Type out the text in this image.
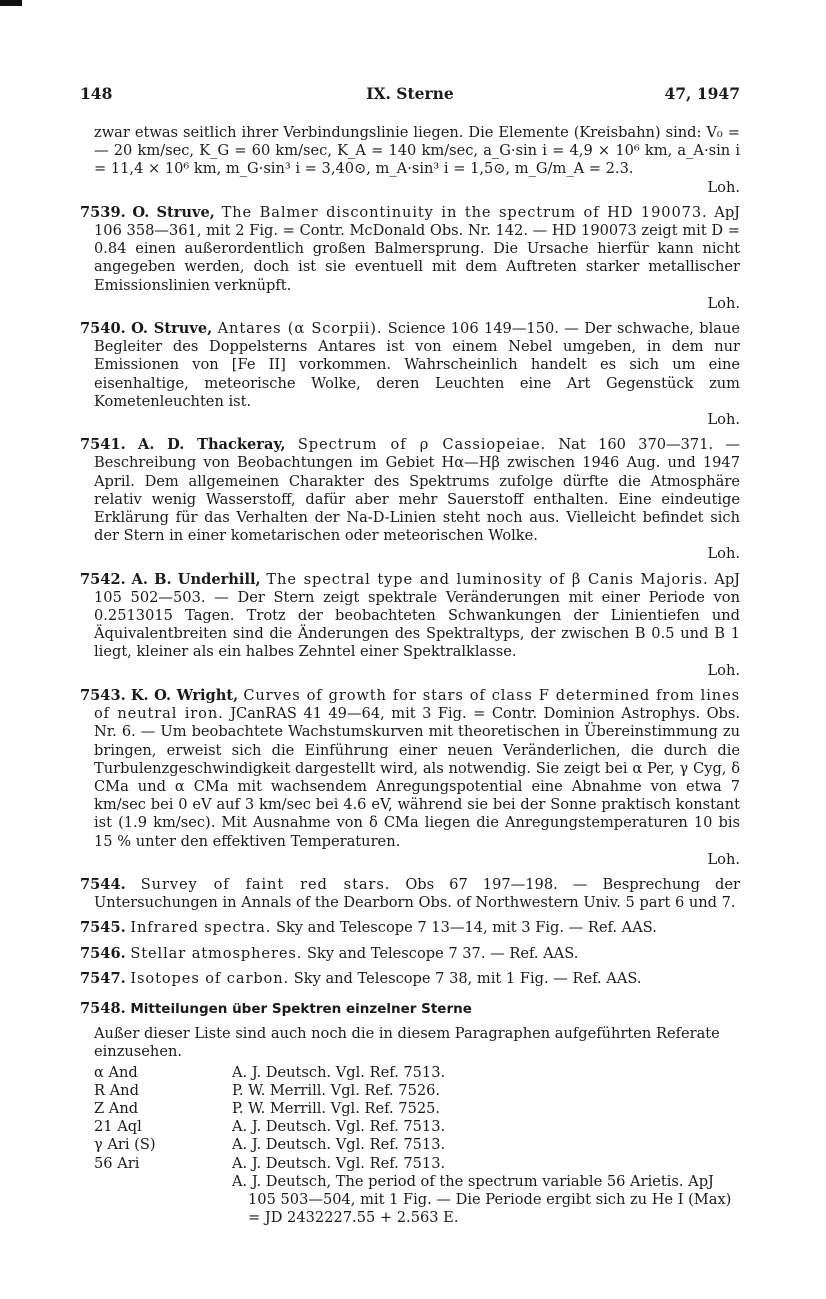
148	IX. Sterne	47, 1947
zwar etwas seitlich ihrer Verbindungslinie liegen. Die Elemente (Kreisbahn) sind: V₀ = — 20 km/sec, K_G = 60 km/sec, K_A = 140 km/sec, a_G·sin i = 4,9 × 10⁶ km, a_A·sin i = 11,4 × 10⁶ km, m_G·sin³ i = 3,40⊙, m_A·sin³ i = 1,5⊙, m_G/m_A = 2.3.
Loh.
7539. O. Struve, The Balmer discontinuity in the spectrum of HD 190073. ApJ 106 358—361, mit 2 Fig. = Contr. McDonald Obs. Nr. 142. — HD 190073 zeigt mit D = 0.84 einen außerordentlich großen Balmersprung. Die Ursache hierfür kann nicht angegeben werden, doch ist sie eventuell mit dem Auftreten starker metallischer Emissionslinien verknüpft.
Loh.
7540. O. Struve, Antares (α Scorpii). Science 106 149—150. — Der schwache, blaue Begleiter des Doppelsterns Antares ist von einem Nebel umgeben, in dem nur Emissionen von [Fe II] vorkommen. Wahrscheinlich handelt es sich um eine eisenhaltige, meteorische Wolke, deren Leuchten eine Art Gegenstück zum Kometenleuchten ist.
Loh.
7541. A. D. Thackeray, Spectrum of ρ Cassiopeiae. Nat 160 370—371. — Beschreibung von Beobachtungen im Gebiet Hα—Hβ zwischen 1946 Aug. und 1947 April. Dem allgemeinen Charakter des Spektrums zufolge dürfte die Atmosphäre relativ wenig Wasserstoff, dafür aber mehr Sauerstoff enthalten. Eine eindeutige Erklärung für das Verhalten der Na-D-Linien steht noch aus. Vielleicht befindet sich der Stern in einer kometarischen oder meteorischen Wolke.
Loh.
7542. A. B. Underhill, The spectral type and luminosity of β Canis Majoris. ApJ 105 502—503. — Der Stern zeigt spektrale Veränderungen mit einer Periode von 0.2513015 Tagen. Trotz der beobachteten Schwankungen der Linientiefen und Äquivalentbreiten sind die Änderungen des Spektraltyps, der zwischen B 0.5 und B 1 liegt, kleiner als ein halbes Zehntel einer Spektralklasse.
Loh.
7543. K. O. Wright, Curves of growth for stars of class F determined from lines of neutral iron. JCanRAS 41 49—64, mit 3 Fig. = Contr. Dominion Astrophys. Obs. Nr. 6. — Um beobachtete Wachstumskurven mit theoretischen in Übereinstimmung zu bringen, erweist sich die Einführung einer neuen Veränderlichen, die durch die Turbulenzgeschwindigkeit dargestellt wird, als notwendig. Sie zeigt bei α Per, γ Cyg, δ CMa und α CMa mit wachsendem Anregungspotential eine Abnahme von etwa 7 km/sec bei 0 eV auf 3 km/sec bei 4.6 eV, während sie bei der Sonne praktisch konstant ist (1.9 km/sec). Mit Ausnahme von δ CMa liegen die Anregungstemperaturen 10 bis 15 % unter den effektiven Temperaturen.
Loh.
7544. Survey of faint red stars. Obs 67 197—198. — Besprechung der Untersuchungen in Annals of the Dearborn Obs. of Northwestern Univ. 5 part 6 und 7.
7545. Infrared spectra. Sky and Telescope 7 13—14, mit 3 Fig. — Ref. AAS.
7546. Stellar atmospheres. Sky and Telescope 7 37. — Ref. AAS.
7547. Isotopes of carbon. Sky and Telescope 7 38, mit 1 Fig. — Ref. AAS.
7548. Mitteilungen über Spektren einzelner Sterne
Außer dieser Liste sind auch noch die in diesem Paragraphen aufgeführten Referate einzusehen.
α And	A. J. Deutsch. Vgl. Ref. 7513.

R And	P. W. Merrill. Vgl. Ref. 7526.

Z And	P. W. Merrill. Vgl. Ref. 7525.

21 Aql	A. J. Deutsch. Vgl. Ref. 7513.

γ Ari (S)	A. J. Deutsch. Vgl. Ref. 7513.

56 Ari	A. J. Deutsch. Vgl. Ref. 7513.

	A. J. Deutsch, The period of the spectrum variable 56 Arietis. ApJ 105 503—504, mit 1 Fig. — Die Periode ergibt sich zu He I (Max) = JD 2432227.55 + 2.563 E.
